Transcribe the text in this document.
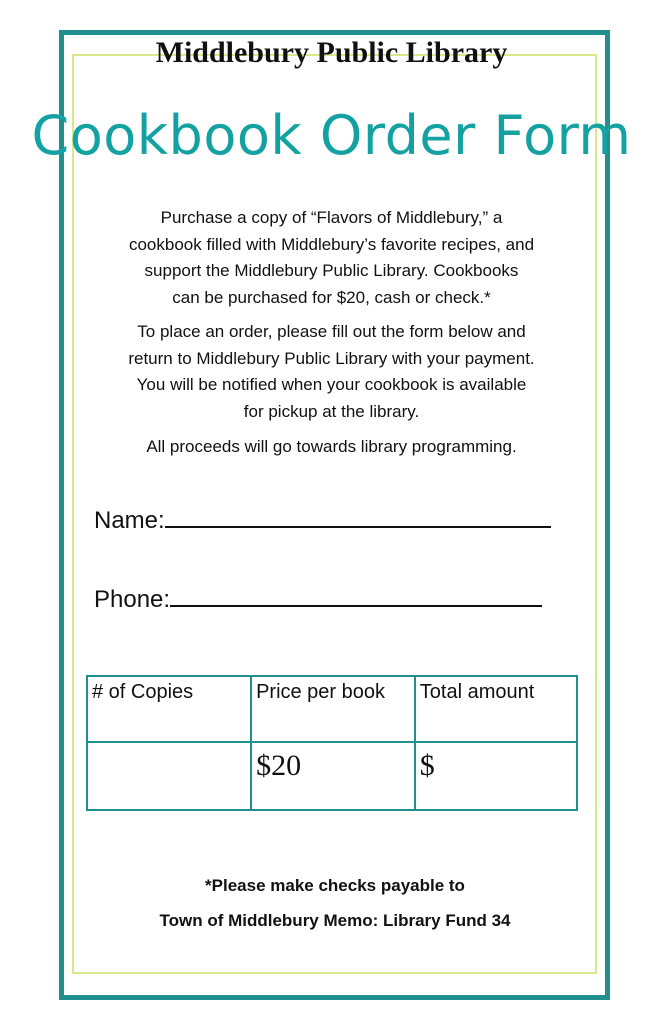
Middlebury Public Library
Cookbook Order Form
Purchase a copy of “Flavors of Middlebury,” a
cookbook filled with Middlebury’s favorite recipes, and
support the Middlebury Public Library. Cookbooks
can be purchased for $20, cash or check.*
To place an order, please fill out the form below and
return to Middlebury Public Library with your payment.
You will be notified when your cookbook is available
for pickup at the library.
All proceeds will go towards library programming.
Name:
Phone:
# of Copies	Price per book	Total amount
	$20	$
*Please make checks payable to
Town of Middlebury Memo: Library Fund 34
